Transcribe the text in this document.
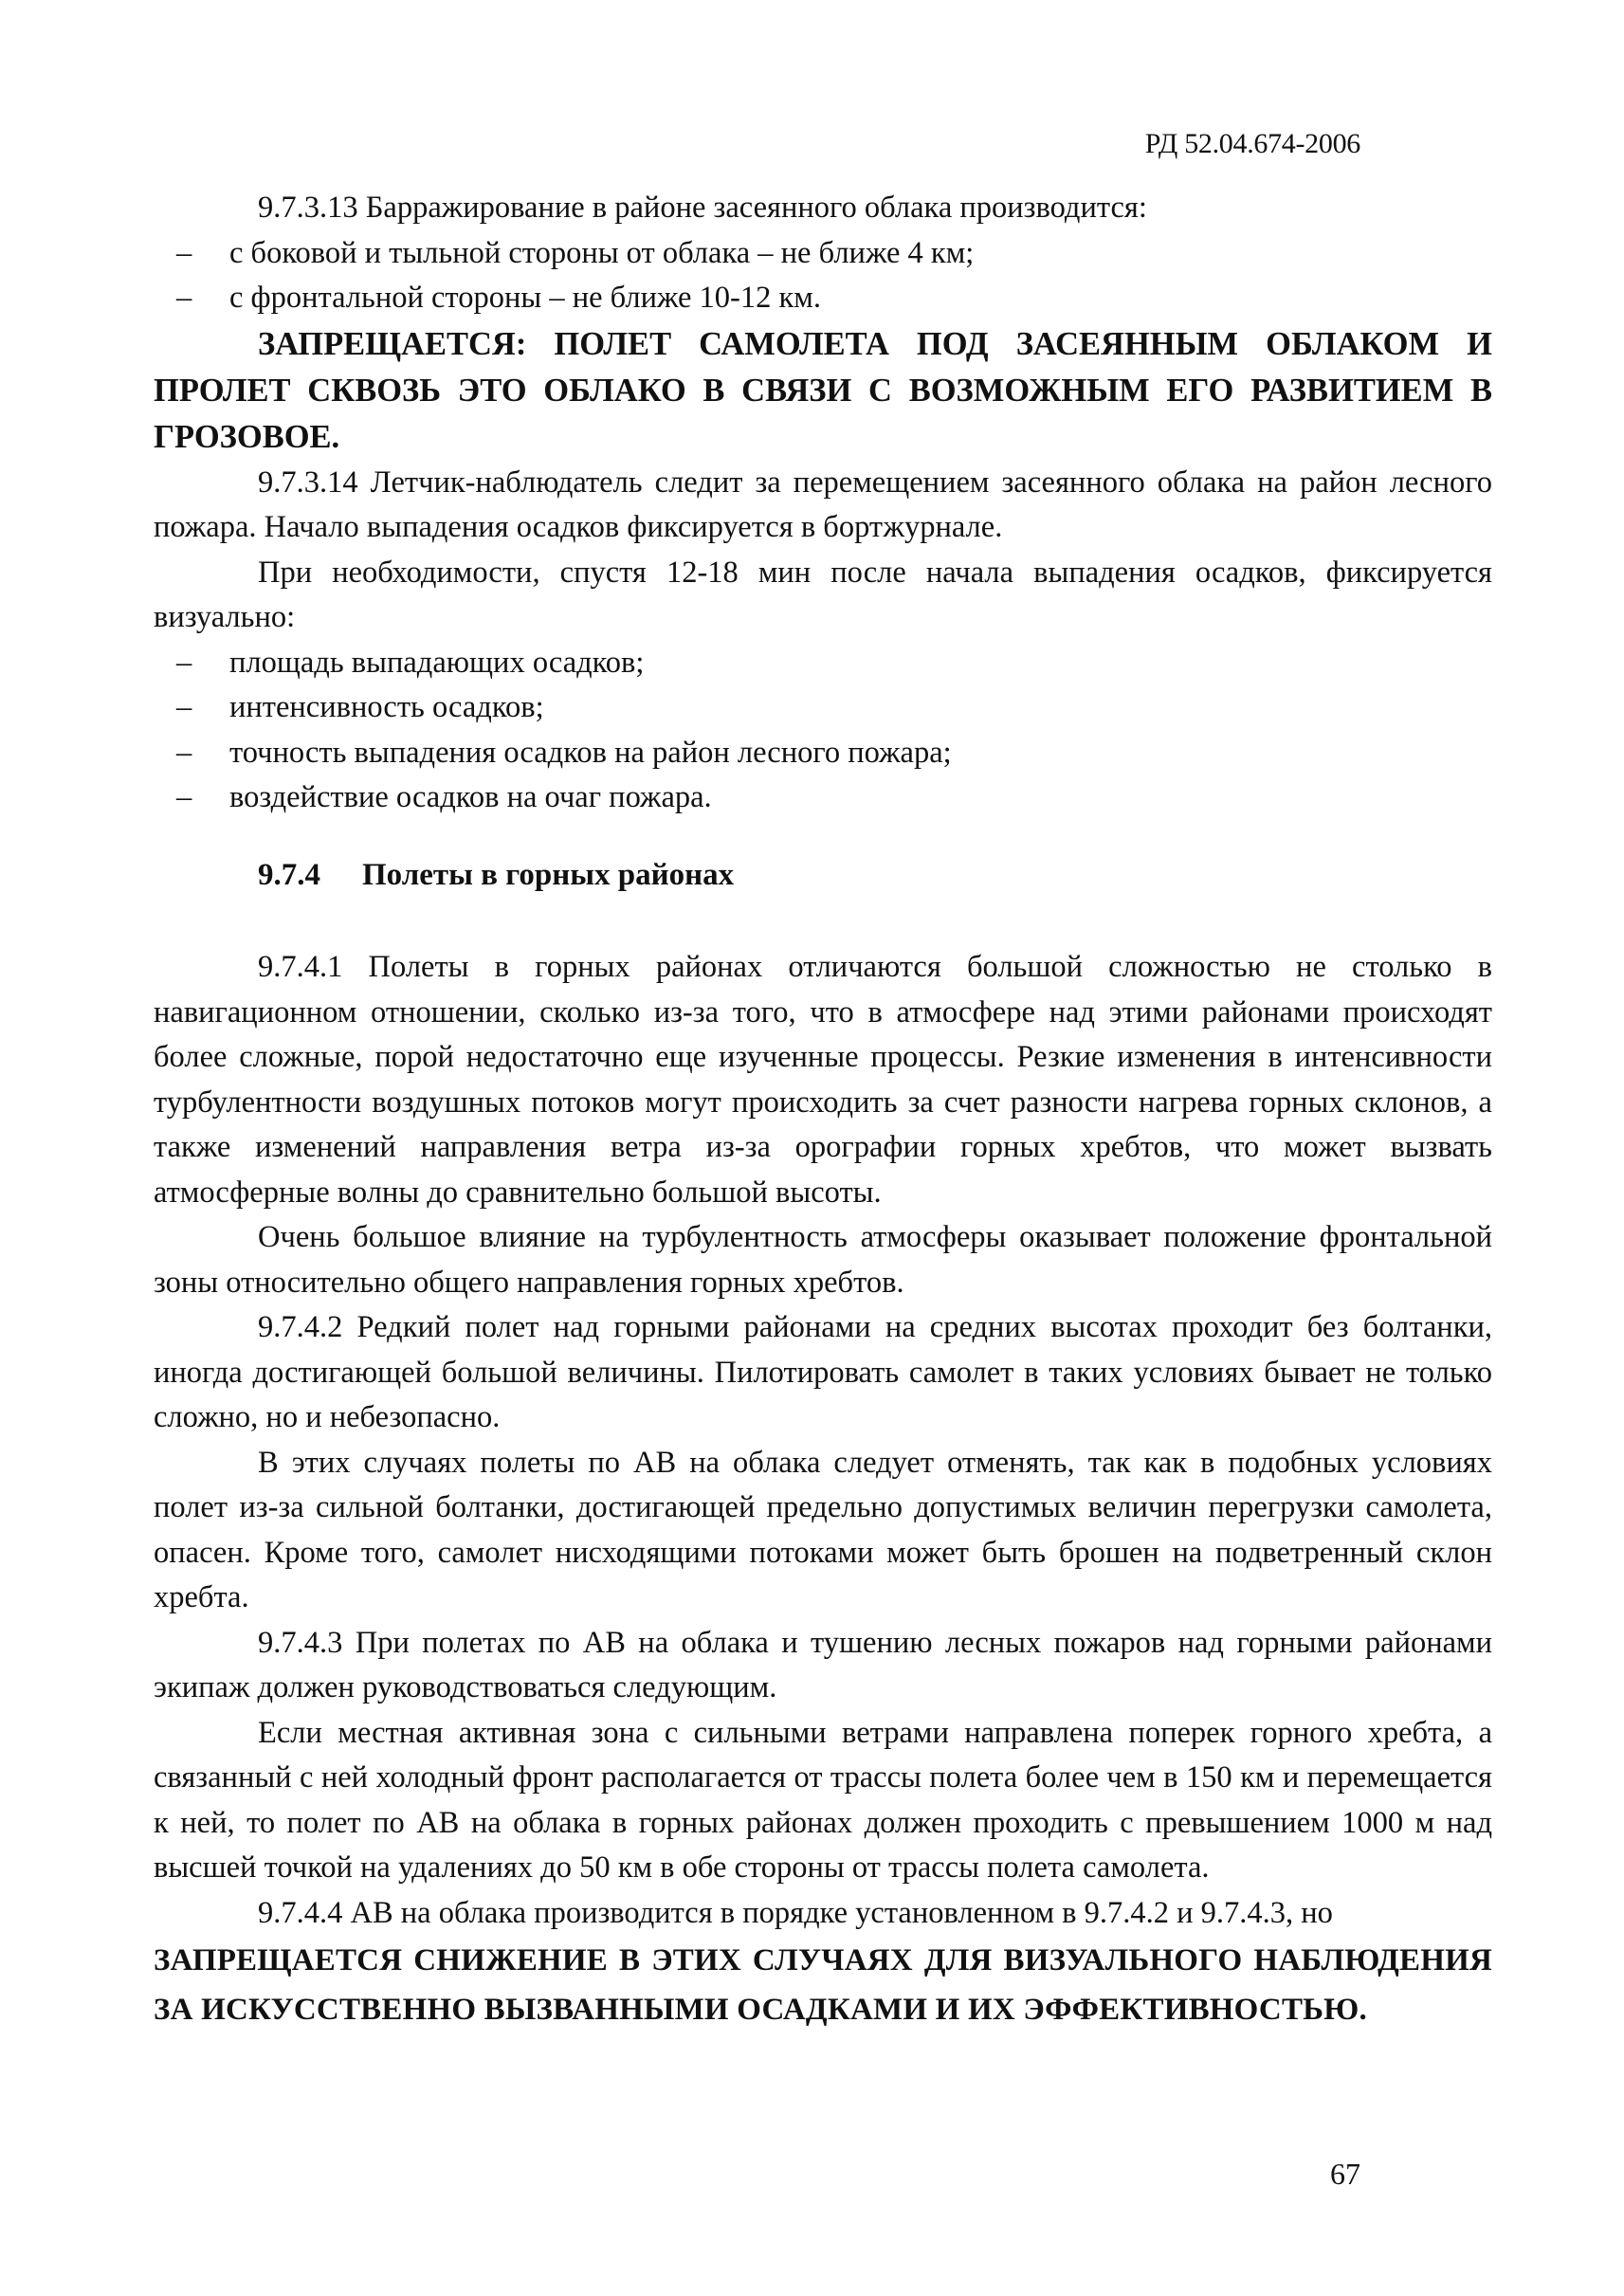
РД 52.04.674-2006

9.7.3.13 Барражирование в районе засеянного облака производится:

–	с боковой и тыльной стороны от облака – не ближе 4 км;
–	с фронтальной стороны – не ближе 10-12 км.

ЗАПРЕЩАЕТСЯ: ПОЛЕТ САМОЛЕТА ПОД ЗАСЕЯННЫМ ОБЛАКОМ И ПРОЛЕТ СКВОЗЬ ЭТО ОБЛАКО В СВЯЗИ С ВОЗМОЖНЫМ ЕГО РАЗВИТИЕМ В ГРОЗОВОЕ.

9.7.3.14 Летчик-наблюдатель следит за перемещением засеянного облака на район лесного пожара. Начало выпадения осадков фиксируется в бортжурнале.

При необходимости, спустя 12-18 мин после начала выпадения осадков, фиксируется визуально:

–	площадь выпадающих осадков;
–	интенсивность осадков;
–	точность выпадения осадков на район лесного пожара;
–	воздействие осадков на очаг пожара.
9.7.4 Полеты в горных районах

9.7.4.1 Полеты в горных районах отличаются большой сложностью не столько в навигационном отношении, сколько из-за того, что в атмосфере над этими районами происходят более сложные, порой недостаточно еще изученные процессы. Резкие изменения в интенсивности турбулентности воздушных потоков могут происходить за счет разности нагрева горных склонов, а также изменений направления ветра из-за орографии горных хребтов, что может вызвать атмосферные волны до сравнительно большой высоты.

Очень большое влияние на турбулентность атмосферы оказывает положение фронтальной зоны относительно общего направления горных хребтов.

9.7.4.2 Редкий полет над горными районами на средних высотах проходит без болтанки, иногда достигающей большой величины. Пилотировать самолет в таких условиях бывает не только сложно, но и небезопасно.

В этих случаях полеты по АВ на облака следует отменять, так как в подобных условиях полет из-за сильной болтанки, достигающей предельно допустимых величин перегрузки самолета, опасен. Кроме того, самолет нисходящими потоками может быть брошен на подветренный склон хребта.

9.7.4.3 При полетах по АВ на облака и тушению лесных пожаров над горными районами экипаж должен руководствоваться следующим.

Если местная активная зона с сильными ветрами направлена поперек горного хребта, а связанный с ней холодный фронт располагается от трассы полета более чем в 150 км и перемещается к ней, то полет по АВ на облака в горных районах должен проходить с превышением 1000 м над высшей точкой на удалениях до 50 км в обе стороны от трассы полета самолета.

9.7.4.4 АВ на облака производится в порядке установленном в 9.7.4.2 и 9.7.4.3, но

ЗАПРЕЩАЕТСЯ СНИЖЕНИЕ В ЭТИХ СЛУЧАЯХ ДЛЯ ВИЗУАЛЬНОГО НАБЛЮДЕНИЯ ЗА ИСКУССТВЕННО ВЫЗВАННЫМИ ОСАДКАМИ И ИХ ЭФФЕКТИВНОСТЬЮ.

67
